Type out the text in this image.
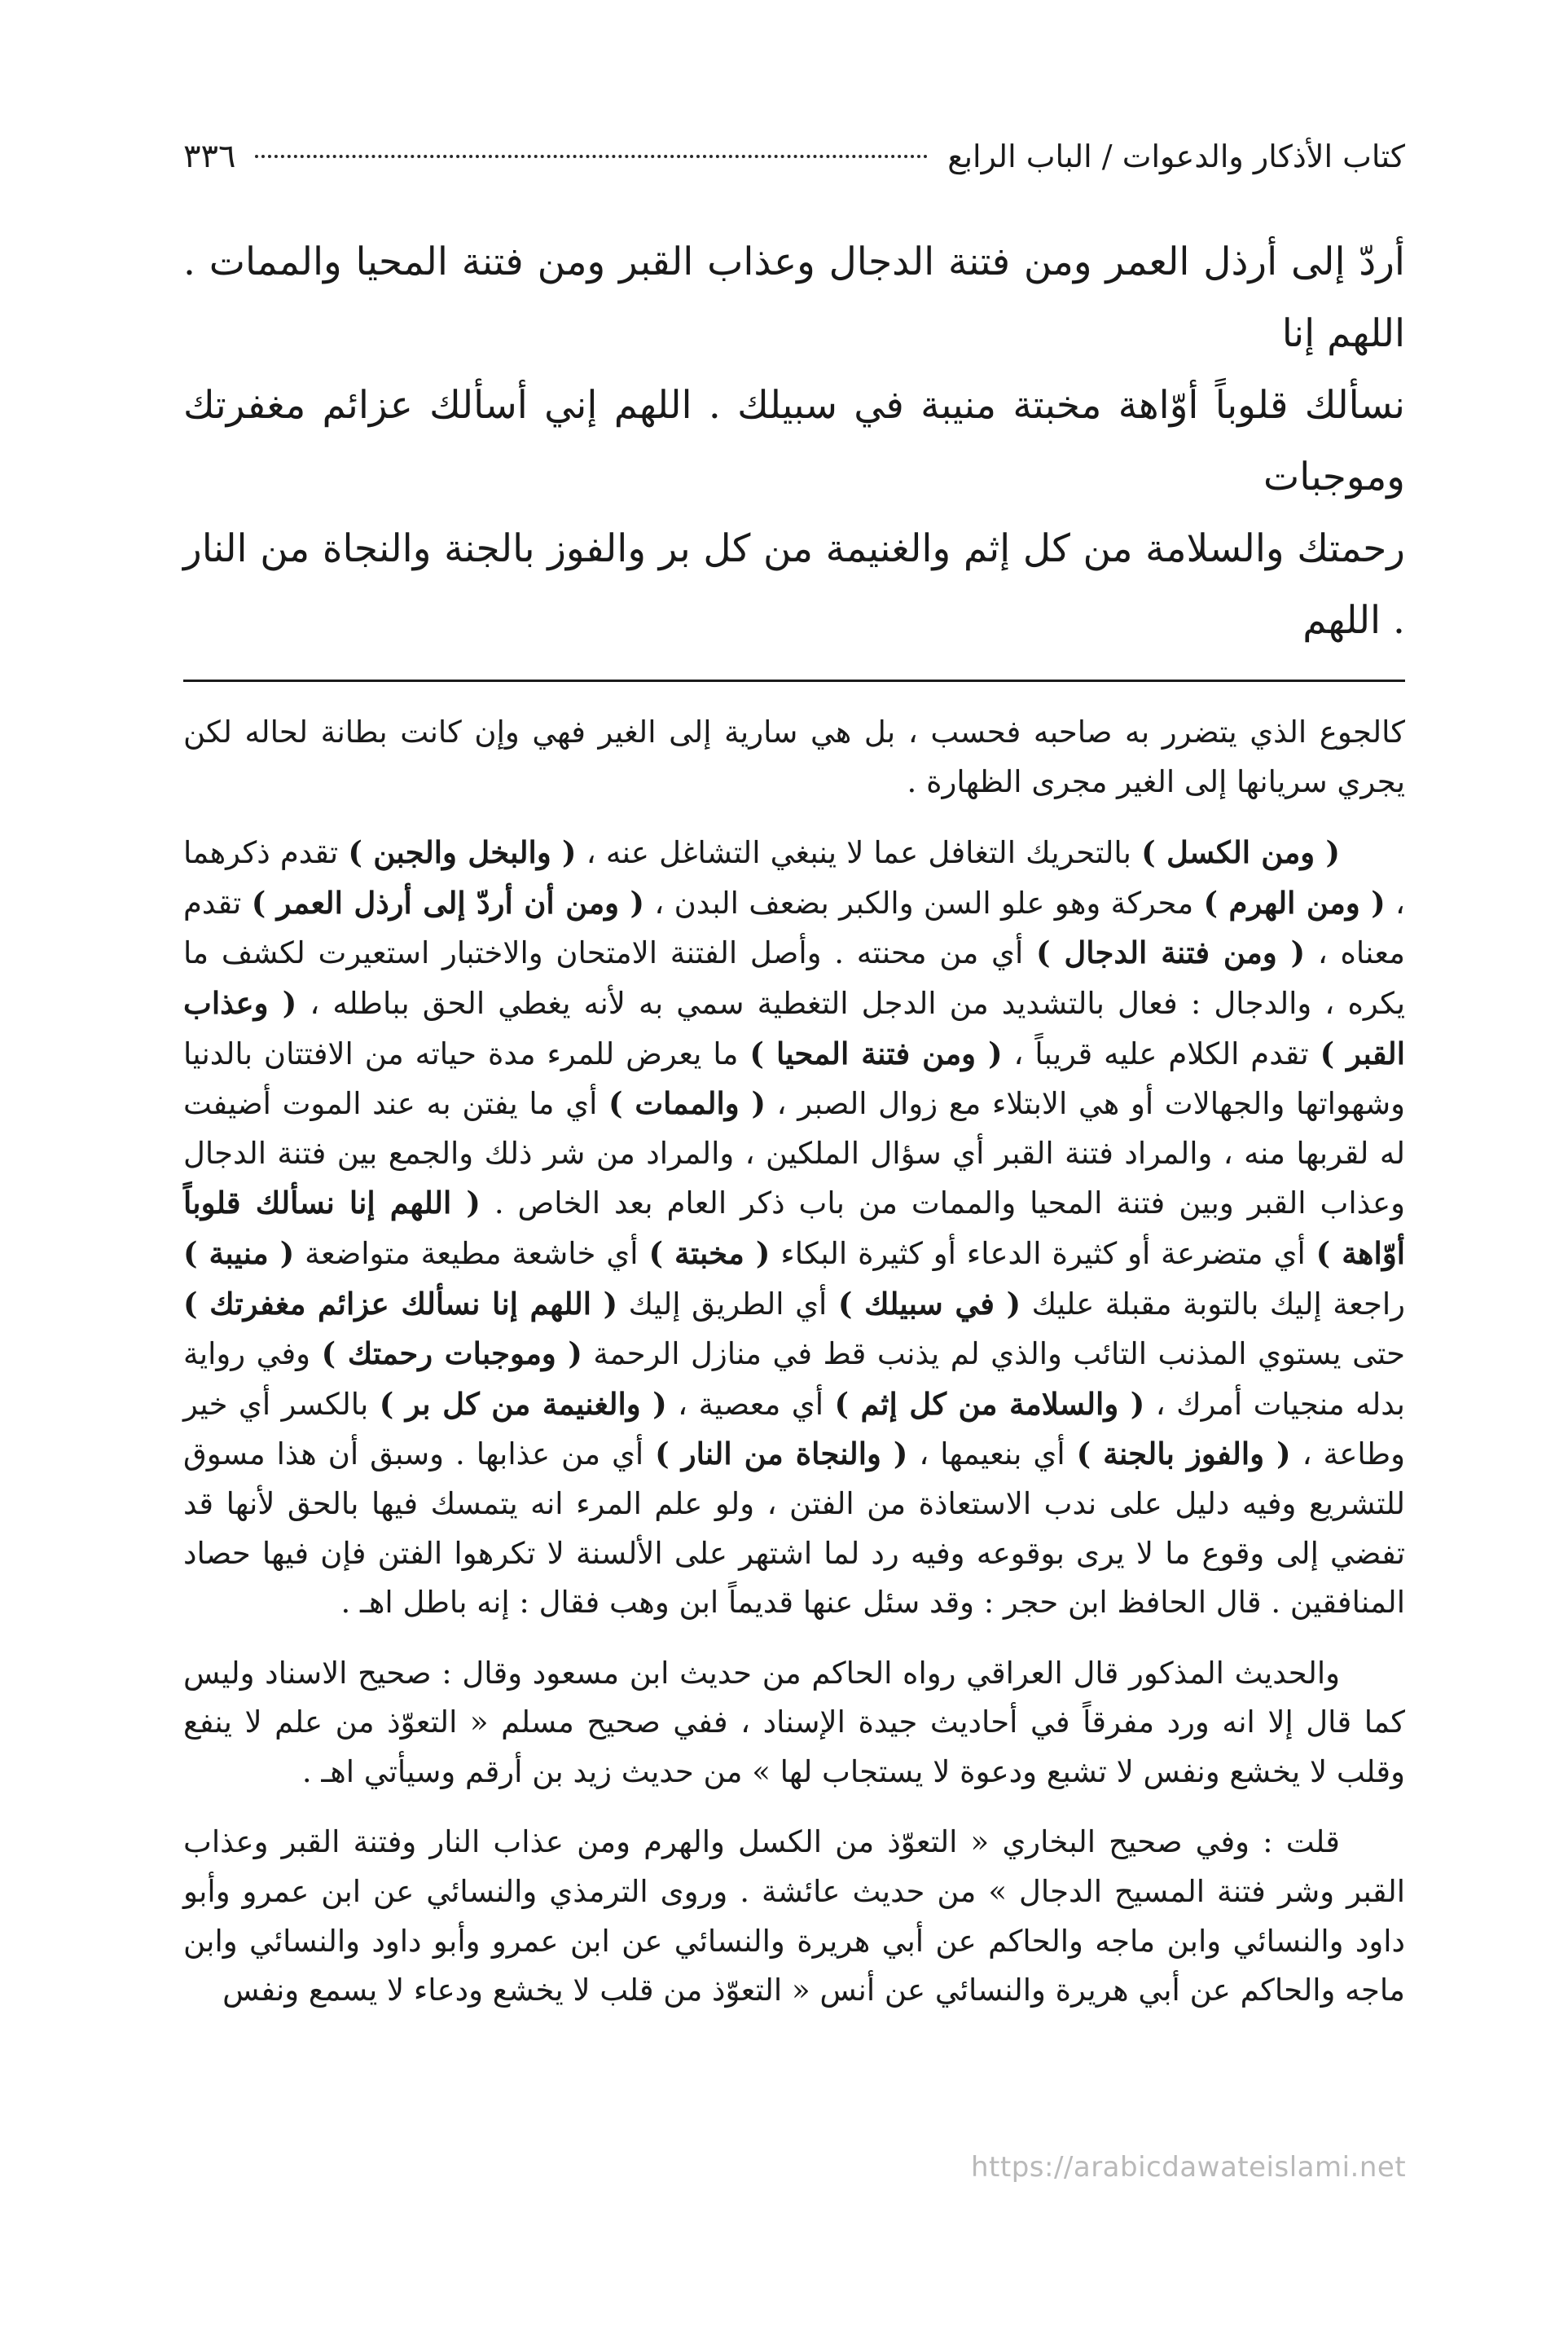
كتاب الأذكار والدعوات / الباب الرابع
٣٣٦

أردّ إلى أرذل العمر ومن فتنة الدجال وعذاب القبر ومن فتنة المحيا والممات . اللهم إنا

نسألك قلوباً أوّاهة مخبتة منيبة في سبيلك . اللهم إني أسألك عزائم مغفرتك وموجبات

رحمتك والسلامة من كل إثم والغنيمة من كل بر والفوز بالجنة والنجاة من النار . اللهم

كالجوع الذي يتضرر به صاحبه فحسب ، بل هي سارية إلى الغير فهي وإن كانت بطانة لحاله لكن يجري سريانها إلى الغير مجرى الظهارة .

( ومن الكسل ) بالتحريك التغافل عما لا ينبغي التشاغل عنه ، ( والبخل والجبن ) تقدم ذكرهما ، ( ومن الهرم ) محركة وهو علو السن والكبر بضعف البدن ، ( ومن أن أردّ إلى أرذل العمر ) تقدم معناه ، ( ومن فتنة الدجال ) أي من محنته . وأصل الفتنة الامتحان والاختبار استعيرت لكشف ما يكره ، والدجال : فعال بالتشديد من الدجل التغطية سمي به لأنه يغطي الحق بباطله ، ( وعذاب القبر ) تقدم الكلام عليه قريباً ، ( ومن فتنة المحيا ) ما يعرض للمرء مدة حياته من الافتتان بالدنيا وشهواتها والجهالات أو هي الابتلاء مع زوال الصبر ، ( والممات ) أي ما يفتن به عند الموت أضيفت له لقربها منه ، والمراد فتنة القبر أي سؤال الملكين ، والمراد من شر ذلك والجمع بين فتنة الدجال وعذاب القبر وبين فتنة المحيا والممات من باب ذكر العام بعد الخاص . ( اللهم إنا نسألك قلوباً أوّاهة ) أي متضرعة أو كثيرة الدعاء أو كثيرة البكاء ( مخبتة ) أي خاشعة مطيعة متواضعة ( منيبة ) راجعة إليك بالتوبة مقبلة عليك ( في سبيلك ) أي الطريق إليك ( اللهم إنا نسألك عزائم مغفرتك ) حتى يستوي المذنب التائب والذي لم يذنب قط في منازل الرحمة ( وموجبات رحمتك ) وفي رواية بدله منجيات أمرك ، ( والسلامة من كل إثم ) أي معصية ، ( والغنيمة من كل بر ) بالكسر أي خير وطاعة ، ( والفوز بالجنة ) أي بنعيمها ، ( والنجاة من النار ) أي من عذابها . وسبق أن هذا مسوق للتشريع وفيه دليل على ندب الاستعاذة من الفتن ، ولو علم المرء انه يتمسك فيها بالحق لأنها قد تفضي إلى وقوع ما لا يرى بوقوعه وفيه رد لما اشتهر على الألسنة لا تكرهوا الفتن فإن فيها حصاد المنافقين . قال الحافظ ابن حجر : وقد سئل عنها قديماً ابن وهب فقال : إنه باطل اهـ .

والحديث المذكور قال العراقي رواه الحاكم من حديث ابن مسعود وقال : صحيح الاسناد وليس كما قال إلا انه ورد مفرقاً في أحاديث جيدة الإسناد ، ففي صحيح مسلم « التعوّذ من علم لا ينفع وقلب لا يخشع ونفس لا تشبع ودعوة لا يستجاب لها » من حديث زيد بن أرقم وسيأتي اهـ .

قلت : وفي صحيح البخاري « التعوّذ من الكسل والهرم ومن عذاب النار وفتنة القبر وعذاب القبر وشر فتنة المسيح الدجال » من حديث عائشة . وروى الترمذي والنسائي عن ابن عمرو وأبو داود والنسائي وابن ماجه والحاكم عن أبي هريرة والنسائي عن ابن عمرو وأبو داود والنسائي وابن ماجه والحاكم عن أبي هريرة والنسائي عن أنس « التعوّذ من قلب لا يخشع ودعاء لا يسمع ونفس

https://arabicdawateislami.net
